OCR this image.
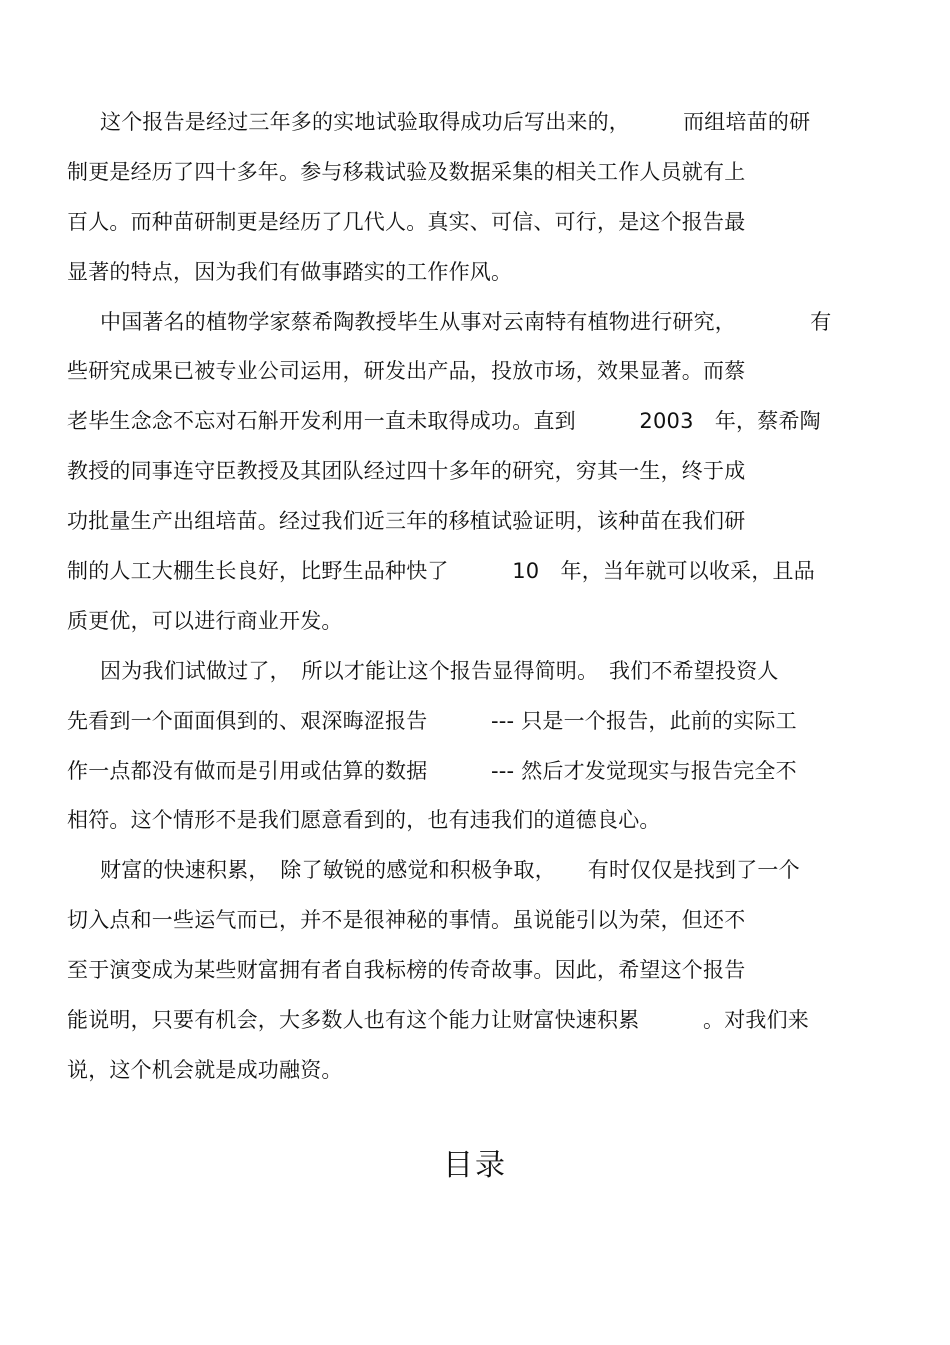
这个报告是经过三年多的实地试验取得成功后写出来的，　　　而组培苗的研
制更是经历了四十多年。参与移栽试验及数据采集的相关工作人员就有上
百人。而种苗研制更是经历了几代人。真实、可信、可行，是这个报告最
显著的特点，因为我们有做事踏实的工作作风。
中国著名的植物学家蔡希陶教授毕生从事对云南特有植物进行研究，　　　　有
些研究成果已被专业公司运用，研发出产品，投放市场，效果显著。而蔡
老毕生念念不忘对石斛开发利用一直未取得成功。直到　　　2003　年，蔡希陶
教授的同事连守臣教授及其团队经过四十多年的研究，穷其一生，终于成
功批量生产出组培苗。经过我们近三年的移植试验证明，该种苗在我们研
制的人工大棚生长良好，比野生品种快了　　　10　年，当年就可以收采，且品
质更优，可以进行商业开发。
因为我们试做过了，　所以才能让这个报告显得简明。　我们不希望投资人
先看到一个面面俱到的、艰深晦涩报告　　　--- 只是一个报告，此前的实际工
作一点都没有做而是引用或估算的数据　　　--- 然后才发觉现实与报告完全不
相符。这个情形不是我们愿意看到的，也有违我们的道德良心。
财富的快速积累，　除了敏锐的感觉和积极争取，　　有时仅仅是找到了一个
切入点和一些运气而已，并不是很神秘的事情。虽说能引以为荣，但还不
至于演变成为某些财富拥有者自我标榜的传奇故事。因此，希望这个报告
能说明，只要有机会，大多数人也有这个能力让财富快速积累　　　。对我们来
说，这个机会就是成功融资。
目录
